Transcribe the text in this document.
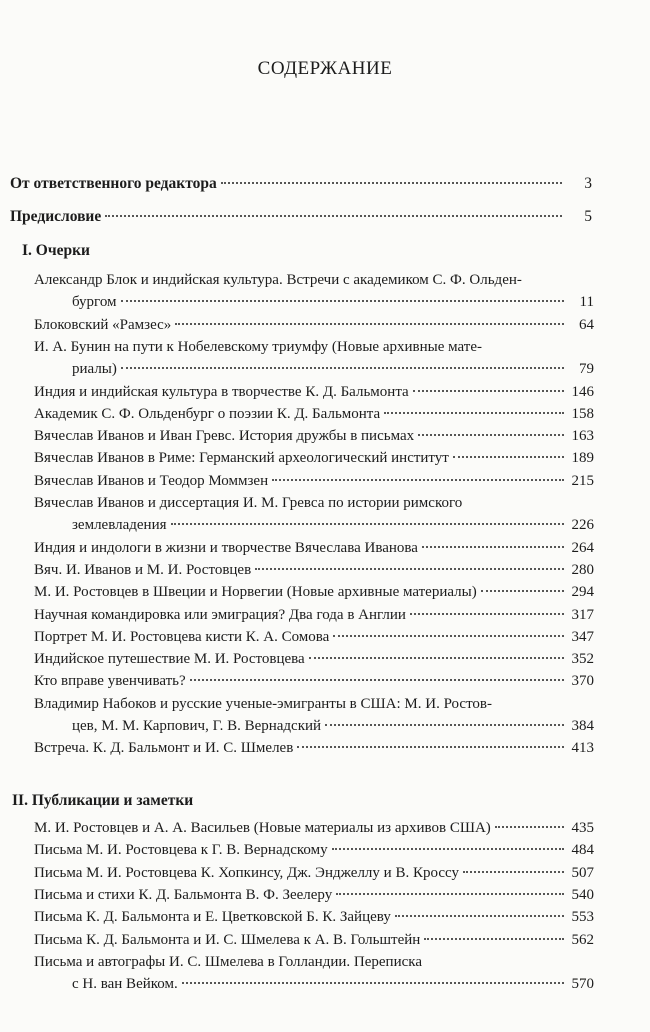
СОДЕРЖАНИЕ
От ответственного редактора	3
Предисловие	5
I. Очерки
Александр Блок и индийская культура. Встречи с академиком С. Ф. Ольден-
бургом	11
Блоковский «Рамзес»	64
И. А. Бунин на пути к Нобелевскому триумфу (Новые архивные матe-
риалы)	79
Индия и индийская культура в творчестве К. Д. Бальмонта	146
Академик С. Ф. Ольденбург о поэзии К. Д. Бальмонта	158
Вячеслав Иванов и Иван Гревс. История дружбы в письмах	163
Вячеслав Иванов в Риме: Германский археологический институт	189
Вячеслав Иванов и Теодор Моммзен	215
Вячеслав Иванов и диссертация И. М. Гревса по истории римского
землевладения	226
Индия и индологи в жизни и творчестве Вячеслава Иванова	264
Вяч. И. Иванов и М. И. Ростовцев	280
М. И. Ростовцев в Швеции и Норвегии (Новые архивные материалы)	294
Научная командировка или эмиграция? Два года в Англии	317
Портрет М. И. Ростовцева кисти К. А. Сомова	347
Индийское путешествие М. И. Ростовцева	352
Кто вправе увенчивать?	370
Владимир Набоков и русские ученые-эмигранты в США: М. И. Ростов-
цев, М. М. Карпович, Г. В. Вернадский	384
Встреча. К. Д. Бальмонт и И. С. Шмелев	413
II. Публикации и заметки
М. И. Ростовцев и А. А. Васильев (Новые материалы из архивов США)	435
Письма М. И. Ростовцева к Г. В. Вернадскому	484
Письма М. И. Ростовцева К. Хопкинсу, Дж. Энджеллу и В. Кроссу	507
Письма и стихи К. Д. Бальмонта В. Ф. Зеелеру	540
Письма К. Д. Бальмонта и Е. Цветковской Б. К. Зайцеву	553
Письма К. Д. Бальмонта и И. С. Шмелева к А. В. Гольштейн	562
Письма и автографы И. С. Шмелева в Голландии. Переписка
с Н. ван Вейком.	570
